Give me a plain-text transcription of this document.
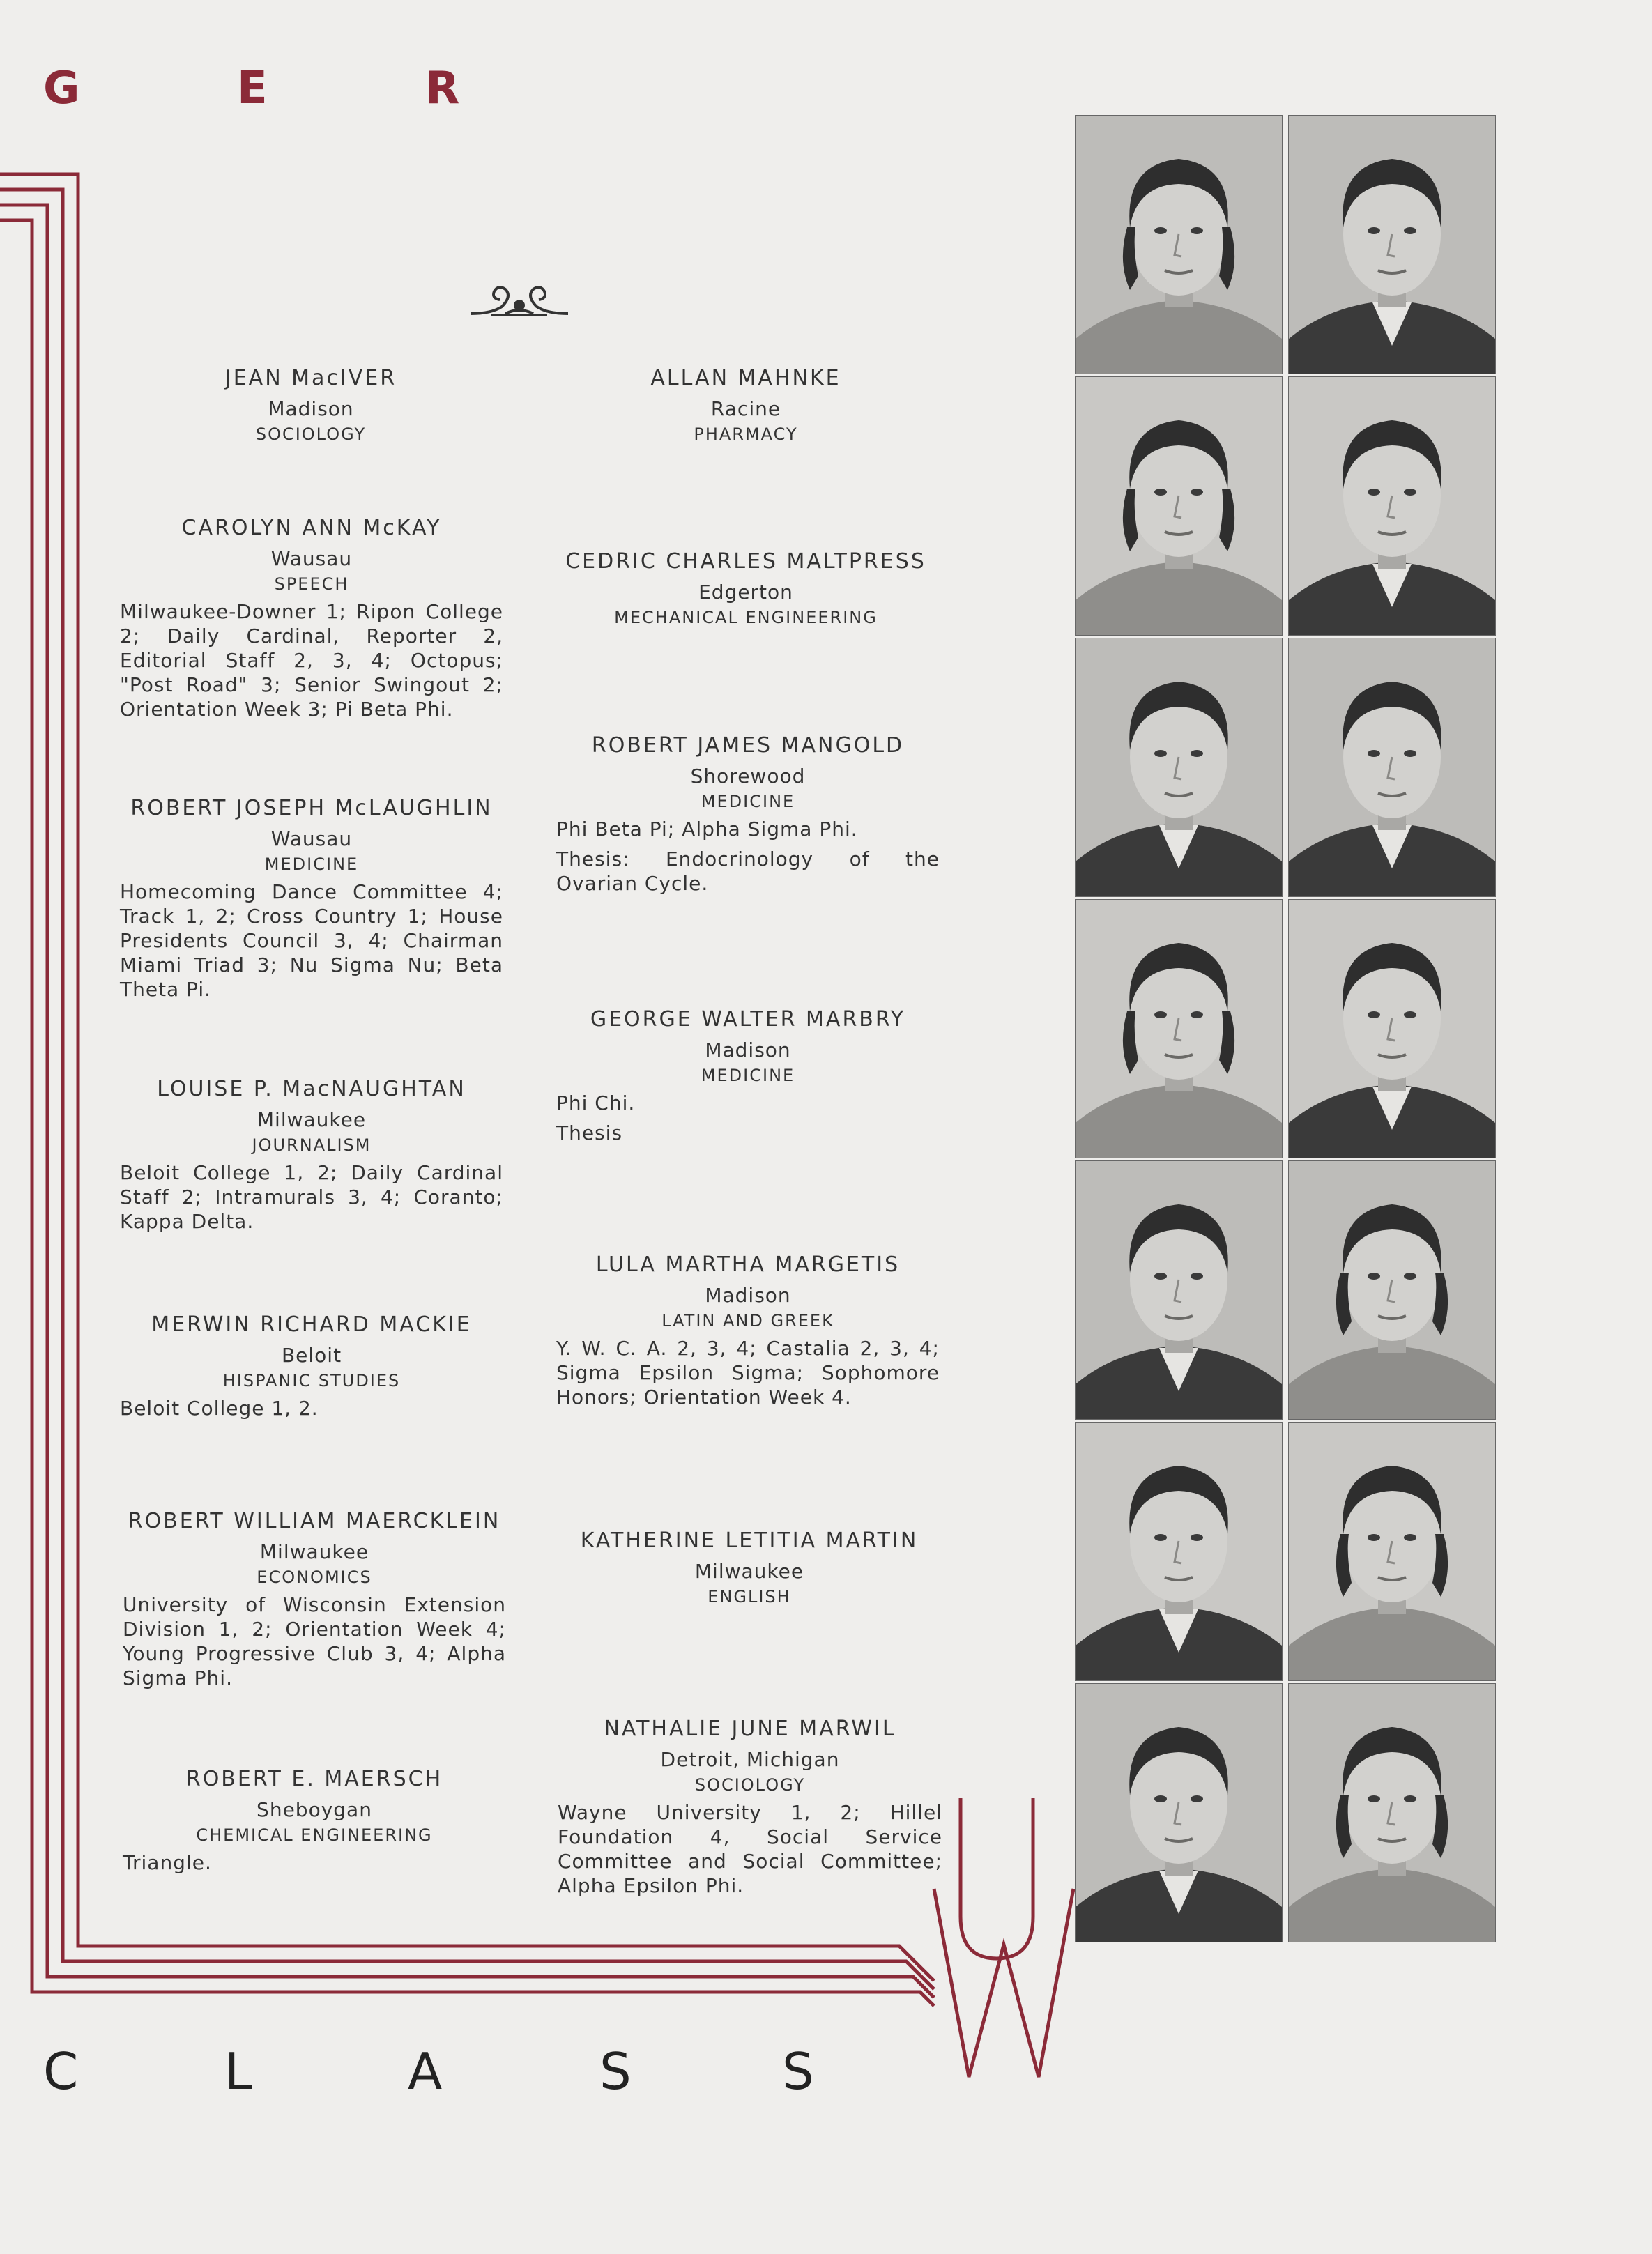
G	E	R
JEAN MacIVER
Madison
SOCIOLOGY
CAROLYN ANN McKAY
Wausau
SPEECH
Milwaukee-Downer 1; Ripon College 2; Daily Cardinal, Reporter 2, Editorial Staff 2, 3, 4; Octopus; "Post Road" 3; Senior Swingout 2; Orientation Week 3; Pi Beta Phi.
ROBERT JOSEPH McLAUGHLIN
Wausau
MEDICINE
Homecoming Dance Committee 4; Track 1, 2; Cross Country 1; House Presidents Council 3, 4; Chairman Miami Triad 3; Nu Sigma Nu; Beta Theta Pi.
LOUISE P. MacNAUGHTAN
Milwaukee
JOURNALISM
Beloit College 1, 2; Daily Cardinal Staff 2; Intramurals 3, 4; Coranto; Kappa Delta.
MERWIN RICHARD MACKIE
Beloit
HISPANIC STUDIES
Beloit College 1, 2.
ROBERT WILLIAM MAERCKLEIN
Milwaukee
ECONOMICS
University of Wisconsin Extension Division 1, 2; Orientation Week 4; Young Progressive Club 3, 4; Alpha Sigma Phi.
ROBERT E. MAERSCH
Sheboygan
CHEMICAL ENGINEERING
Triangle.
ALLAN MAHNKE
Racine
PHARMACY
CEDRIC CHARLES MALTPRESS
Edgerton
MECHANICAL ENGINEERING
ROBERT JAMES MANGOLD
Shorewood
MEDICINE
Phi Beta Pi; Alpha Sigma Phi.
Thesis: Endocrinology of the Ovarian Cycle.
GEORGE WALTER MARBRY
Madison
MEDICINE
Phi Chi.
Thesis
LULA MARTHA MARGETIS
Madison
LATIN AND GREEK
Y. W. C. A. 2, 3, 4; Castalia 2, 3, 4; Sigma Epsilon Sigma; Sophomore Honors; Orientation Week 4.
KATHERINE LETITIA MARTIN
Milwaukee
ENGLISH
NATHALIE JUNE MARWIL
Detroit, Michigan
SOCIOLOGY
Wayne University 1, 2; Hillel Foundation 4, Social Service Committee and Social Committee; Alpha Epsilon Phi.
C	L	A	S	S
